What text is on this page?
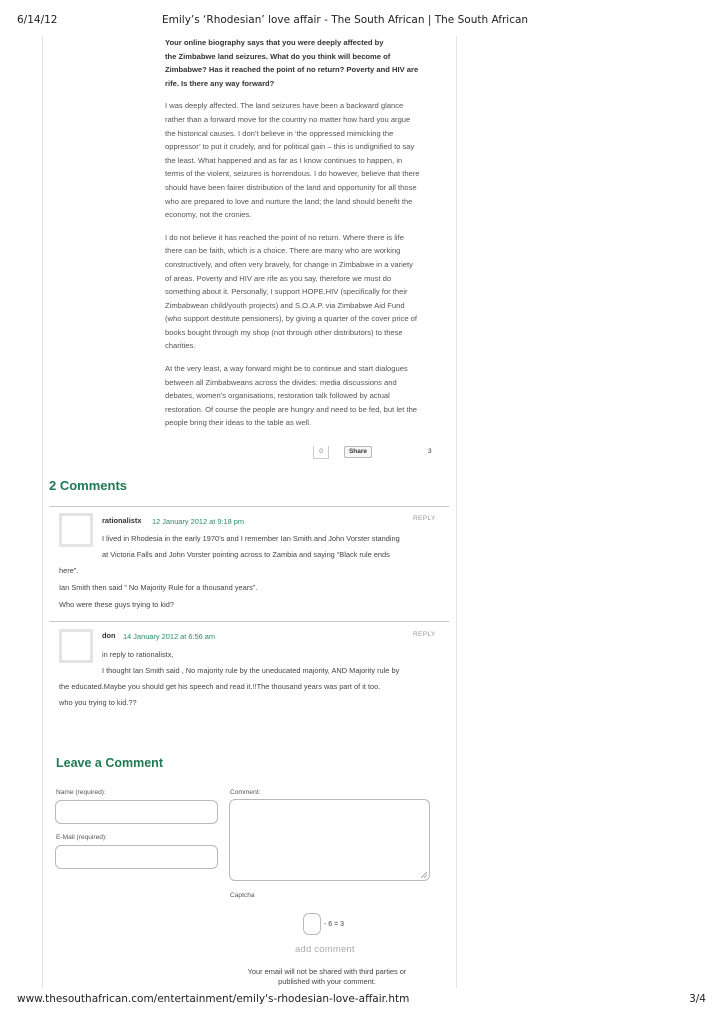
6/14/12	Emily’s ‘Rhodesian’ love affair - The South African | The South African

Your online biography says that you were deeply affected by
the Zimbabwe land seizures. What do you think will become of
Zimbabwe? Has it reached the point of no return? Poverty and HIV are
rife. Is there any way forward?

I was deeply affected. The land seizures have been a backward glance
rather than a forward move for the country no matter how hard you argue
the historical causes. I don’t believe in ‘the oppressed mimicking the
oppressor’ to put it crudely, and for political gain – this is undignified to say
the least. What happened and as far as I know continues to happen, in
terms of the violent, seizures is horrendous. I do however, believe that there
should have been fairer distribution of the land and opportunity for all those
who are prepared to love and nurture the land; the land should benefit the
economy, not the cronies.

I do not believe it has reached the point of no return. Where there is life
there can be faith, which is a choice. There are many who are working
constructively, and often very bravely, for change in Zimbabwe in a variety
of areas. Poverty and HIV are rife as you say, therefore we must do
something about it. Personally, I support HOPE.HIV (specifically for their
Zimbabwean child/youth projects) and S.O.A.P. via Zimbabwe Aid Fund
(who support destitute pensioners), by giving a quarter of the cover price of
books bought through my shop (not through other distributors) to these
charities.

At the very least, a way forward might be to continue and start dialogues
between all Zimbabweans across the divides: media discussions and
debates, women’s organisations, restoration talk followed by actual
restoration. Of course the people are hungry and need to be fed, but let the
people bring their ideas to the table as well.

0	Share	3
2 Comments
rationalistx 12 January 2012 at 9:18 pm	REPLY
I lived in Rhodesia in the early 1970’s and I remember Ian Smith and John Vorster standing
at Victoria Falls and John Vorster pointing across to Zambia and saying “Black rule ends
here”.
Ian Smith then said ” No Majority Rule for a thousand years”.
Who were these guys trying to kid?
don 14 January 2012 at 6:56 am	REPLY
in reply to rationalistx,
I thought Ian Smith said , No majority rule by the uneducated majority, AND Majority rule by
the educated.Maybe you should get his speech and read it.!!The thousand years was part of it too.
who you trying to kid.??
Leave a Comment
Name (required):
E-Mail (required):
Comment:
Captcha
- 6 = 3
add comment
Your email will not be shared with third parties or
published with your comment.
www.thesouthafrican.com/entertainment/emily's-rhodesian-love-affair.htm	3/4
